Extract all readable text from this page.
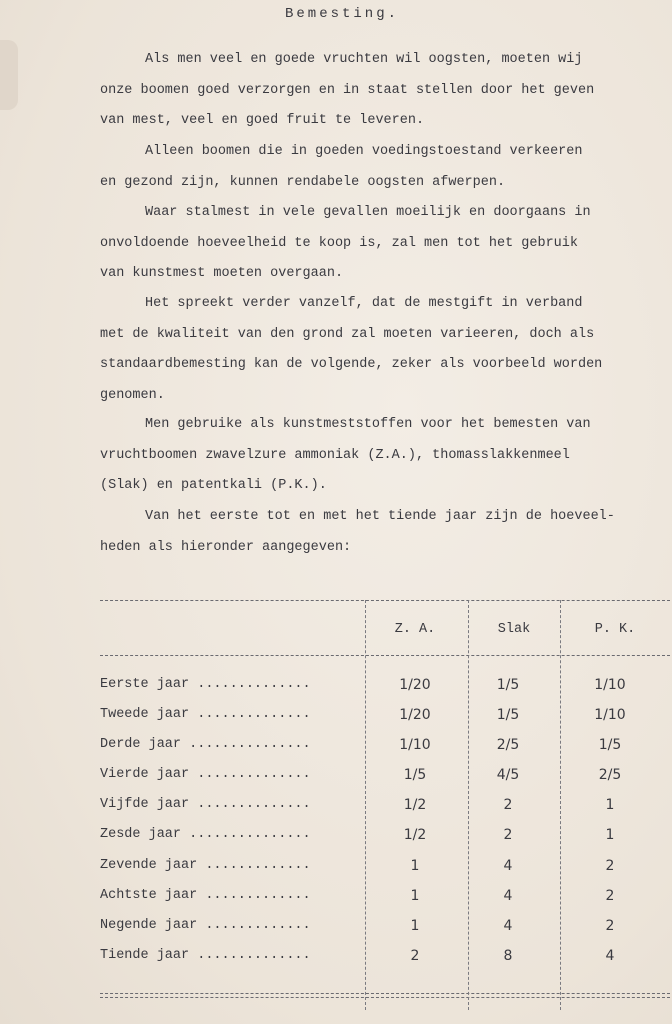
Bemesting.
Als men veel en goede vruchten wil oogsten, moeten wij
onze boomen goed verzorgen en in staat stellen door het geven
van mest, veel en goed fruit te leveren.
Alleen boomen die in goeden voedingstoestand verkeeren
en gezond zijn, kunnen rendabele oogsten afwerpen.
Waar stalmest in vele gevallen moeilijk en doorgaans in
onvoldoende hoeveelheid te koop is, zal men tot het gebruik
van kunstmest moeten overgaan.
Het spreekt verder vanzelf, dat de mestgift in verband
met de kwaliteit van den grond zal moeten varieeren, doch als
standaardbemesting kan de volgende, zeker als voorbeeld worden
genomen.
Men gebruike als kunstmeststoffen voor het bemesten van
vruchtboomen zwavelzure ammoniak (Z.A.), thomasslakkenmeel
(Slak) en patentkali (P.K.).
Van het eerste tot en met het tiende jaar zijn de hoeveel-
heden als hieronder aangegeven:
Z. A.	Slak	P. K.
Eerste jaar ..............	1/20	1/5	1/10
Tweede jaar ..............	1/20	1/5	1/10
Derde jaar ...............	1/10	2/5	1/5
Vierde jaar ..............	1/5	4/5	2/5
Vijfde jaar ..............	1/2	2	1
Zesde jaar ...............	1/2	2	1
Zevende jaar .............	1	4	2
Achtste jaar .............	1	4	2
Negende jaar .............	1	4	2
Tiende jaar ..............	2	8	4
